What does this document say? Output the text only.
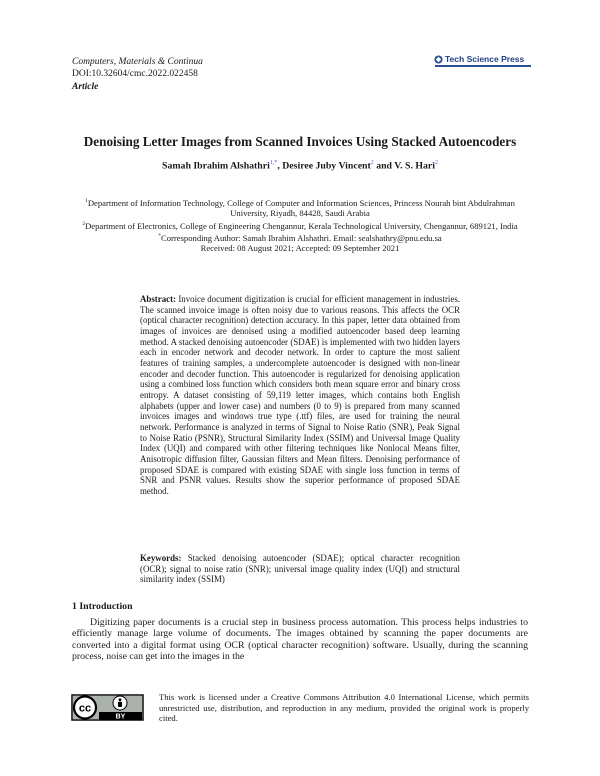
Computers, Materials & Continua
DOI:10.32604/cmc.2022.022458
Article
Tech Science Press
Denoising Letter Images from Scanned Invoices Using Stacked Autoencoders
Samah Ibrahim Alshathri$^{1,*}$, Desiree Juby Vincent$^2$ and V. S. Hari$^2$
$^1$Department of Information Technology, College of Computer and Information Sciences, Princess Nourah bint Abdulrahman University, Riyadh, 84428, Saudi Arabia
$^2$Department of Electronics, College of Engineering Chengannur, Kerala Technological University, Chengannur, 689121, India
*Corresponding Author: Samah Ibrahim Alshathri. Email: sealshathry@pnu.edu.sa
Received: 08 August 2021; Accepted: 09 September 2021
Abstract: Invoice document digitization is crucial for efficient management in industries. The scanned invoice image is often noisy due to various reasons. This affects the OCR (optical character recognition) detection accuracy. In this paper, letter data obtained from images of invoices are denoised using a modified autoencoder based deep learning method. A stacked denoising autoencoder (SDAE) is implemented with two hidden layers each in encoder network and decoder network. In order to capture the most salient features of training samples, a undercomplete autoencoder is designed with non-linear encoder and decoder function. This autoencoder is regularized for denoising application using a combined loss function which considers both mean square error and binary cross entropy. A dataset consisting of 59,119 letter images, which contains both English alphabets (upper and lower case) and numbers (0 to 9) is prepared from many scanned invoices images and windows true type (.ttf) files, are used for training the neural network. Performance is analyzed in terms of Signal to Noise Ratio (SNR), Peak Signal to Noise Ratio (PSNR), Structural Similarity Index (SSIM) and Universal Image Quality Index (UQI) and compared with other filtering techniques like Nonlocal Means filter, Anisotropic diffusion filter, Gaussian filters and Mean filters. Denoising performance of proposed SDAE is compared with existing SDAE with single loss function in terms of SNR and PSNR values. Results show the superior performance of proposed SDAE method.
Keywords: Stacked denoising autoencoder (SDAE); optical character recognition (OCR); signal to noise ratio (SNR); universal image quality index (UQI) and structural similarity index (SSIM)
1 Introduction
Digitizing paper documents is a crucial step in business process automation. This process helps industries to efficiently manage large volume of documents. The images obtained by scanning the paper documents are converted into a digital format using OCR (optical character recognition) software. Usually, during the scanning process, noise can get into the images in the
cc
BY
This work is licensed under a Creative Commons Attribution 4.0 International License, which permits unrestricted use, distribution, and reproduction in any medium, provided the original work is properly cited.
